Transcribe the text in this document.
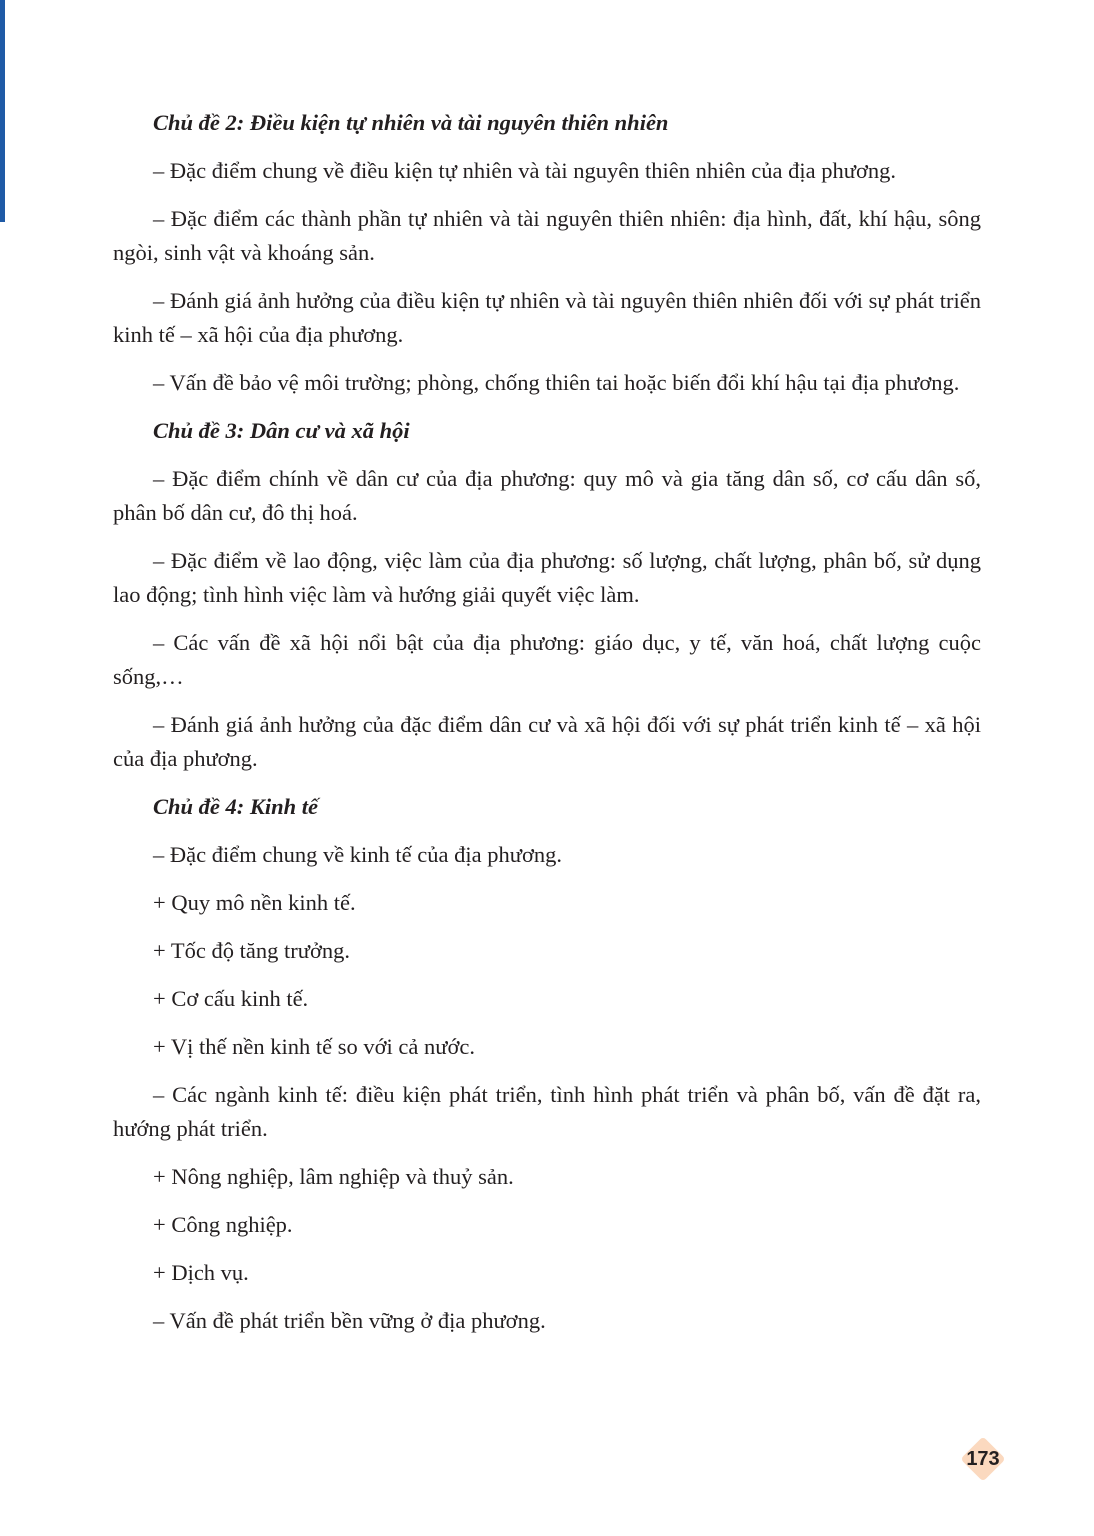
Chủ đề 2: Điều kiện tự nhiên và tài nguyên thiên nhiên

– Đặc điểm chung về điều kiện tự nhiên và tài nguyên thiên nhiên của địa phương.

– Đặc điểm các thành phần tự nhiên và tài nguyên thiên nhiên: địa hình, đất, khí hậu, sông ngòi, sinh vật và khoáng sản.

– Đánh giá ảnh hưởng của điều kiện tự nhiên và tài nguyên thiên nhiên đối với sự phát triển kinh tế – xã hội của địa phương.

– Vấn đề bảo vệ môi trường; phòng, chống thiên tai hoặc biến đổi khí hậu tại địa phương.

Chủ đề 3: Dân cư và xã hội

– Đặc điểm chính về dân cư của địa phương: quy mô và gia tăng dân số, cơ cấu dân số, phân bố dân cư, đô thị hoá.

– Đặc điểm về lao động, việc làm của địa phương: số lượng, chất lượng, phân bố, sử dụng lao động; tình hình việc làm và hướng giải quyết việc làm.

– Các vấn đề xã hội nổi bật của địa phương: giáo dục, y tế, văn hoá, chất lượng cuộc sống,…

– Đánh giá ảnh hưởng của đặc điểm dân cư và xã hội đối với sự phát triển kinh tế – xã hội của địa phương.

Chủ đề 4: Kinh tế

– Đặc điểm chung về kinh tế của địa phương.

+ Quy mô nền kinh tế.

+ Tốc độ tăng trưởng.

+ Cơ cấu kinh tế.

+ Vị thế nền kinh tế so với cả nước.

– Các ngành kinh tế: điều kiện phát triển, tình hình phát triển và phân bố, vấn đề đặt ra, hướng phát triển.

+ Nông nghiệp, lâm nghiệp và thuỷ sản.

+ Công nghiệp.

+ Dịch vụ.

– Vấn đề phát triển bền vững ở địa phương.

173
